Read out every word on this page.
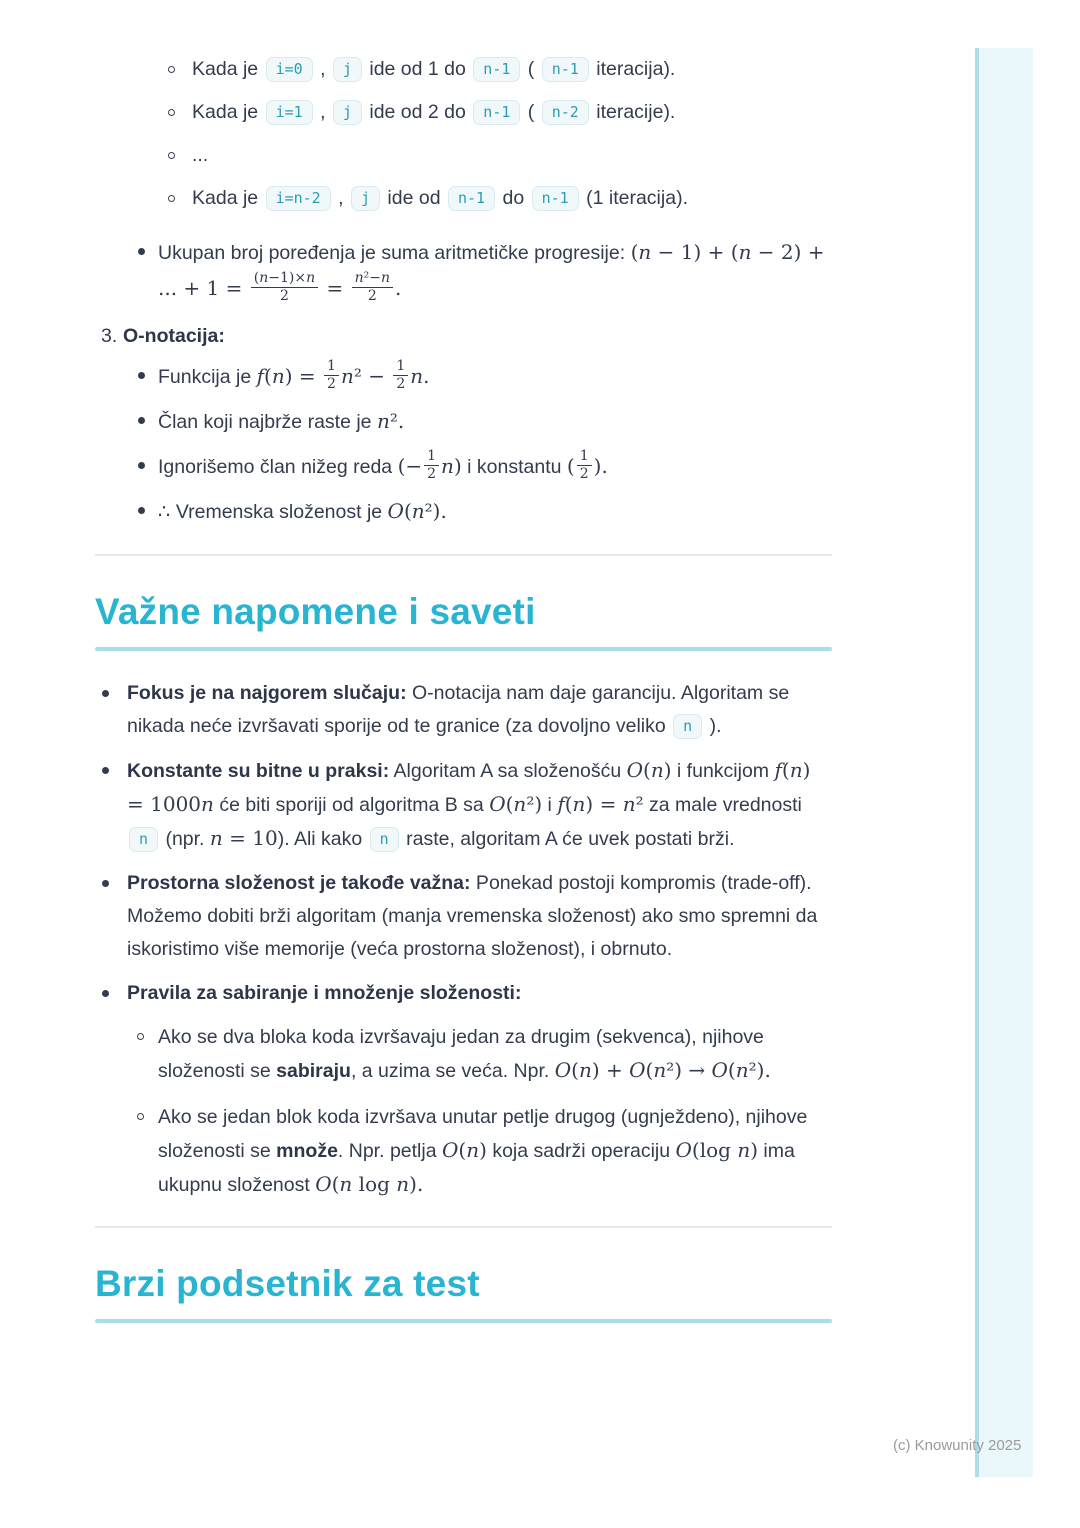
Kada je i=0 , j ide od 1 do n-1 ( n-1 iteracija).
Kada je i=1 , j ide od 2 do n-1 ( n-2 iteracije).
...
Kada je i=n-2 , j ide od n-1 do n-1 (1 iteracija).
Ukupan broj poređenja je suma aritmetičke progresije: (n − 1) + (n − 2) + ... + $1 = \frac{(n-1)\times n}{2} = \frac{\text{n²−n}}{2}$ .
3. O-notacija:
Funkcija je $f(n) = \frac{1}{2} n^2 - \frac{1}{2} n$.
Član koji najbrže raste je n².
Ignorišemo član nižeg reda (− $\frac{1}{2} n$) i konstantu ( $\frac{1}{2}$ ).
∴ Vremenska složenost je O(n²).
Važne napomene i saveti
Fokus je na najgorem slučaju: O-notacija nam daje garanciju. Algoritam se nikada neće izvršavati sporije od te granice (za dovoljno veliko n ).
Konstante su bitne u praksi: Algoritam A sa složenošću O(n) i funkcijom f(n) = 1000n će biti sporiji od algoritma B sa O(n²) i f(n) = n² za male vrednosti n (npr. n = 10). Ali kako n raste, algoritam A će uvek postati brži.
Prostorna složenost je takođe važna: Ponekad postoji kompromis (trade-off). Možemo dobiti brži algoritam (manja vremenska složenost) ako smo spremni da iskoristimo više memorije (veća prostorna složenost), i obrnuto.
Pravila za sabiranje i množenje složenosti:
Ako se dva bloka koda izvršavaju jedan za drugim (sekvenca), njihove složenosti se sabiraju, a uzima se veća. Npr. O(n) + O(n²) → O(n²).
Ako se jedan blok koda izvršava unutar petlje drugog (ugnježdeno), njihove složenosti se množe. Npr. petlja O(n) koja sadrži operaciju O(log n) ima ukupnu složenost O(n log n).
Brzi podsetnik za test
(c) Knowunity 2025
